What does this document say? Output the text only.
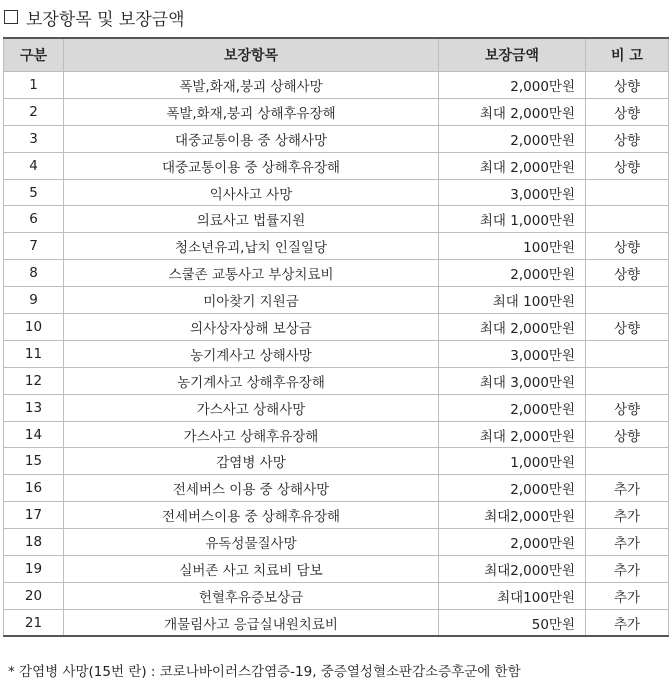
보장항목 및 보장금액
구분	보장항목	보장금액	비 고
1	폭발,화재,붕괴 상해사망	2,000만원	상향
2	폭발,화재,붕괴 상해후유장해	최대 2,000만원	상향
3	대중교통이용 중 상해사망	2,000만원	상향
4	대중교통이용 중 상해후유장해	최대 2,000만원	상향
5	익사사고 사망	3,000만원	
6	의료사고 법률지원	최대 1,000만원	
7	청소년유괴,납치 인질일당	100만원	상향
8	스쿨존 교통사고 부상치료비	2,000만원	상향
9	미아찾기 지원금	최대 100만원	
10	의사상자상해 보상금	최대 2,000만원	상향
11	농기계사고 상해사망	3,000만원	
12	농기계사고 상해후유장해	최대 3,000만원	
13	가스사고 상해사망	2,000만원	상향
14	가스사고 상해후유장해	최대 2,000만원	상향
15	감염병 사망	1,000만원	
16	전세버스 이용 중 상해사망	2,000만원	추가
17	전세버스이용 중 상해후유장해	최대2,000만원	추가
18	유독성물질사망	2,000만원	추가
19	실버존 사고 치료비 담보	최대2,000만원	추가
20	헌혈후유증보상금	최대100만원	추가
21	개물림사고 응급실내원치료비	50만원	추가
* 감염병 사망(15번 란) : 코로나바이러스감염증-19, 중증열성혈소판감소증후군에 한함
